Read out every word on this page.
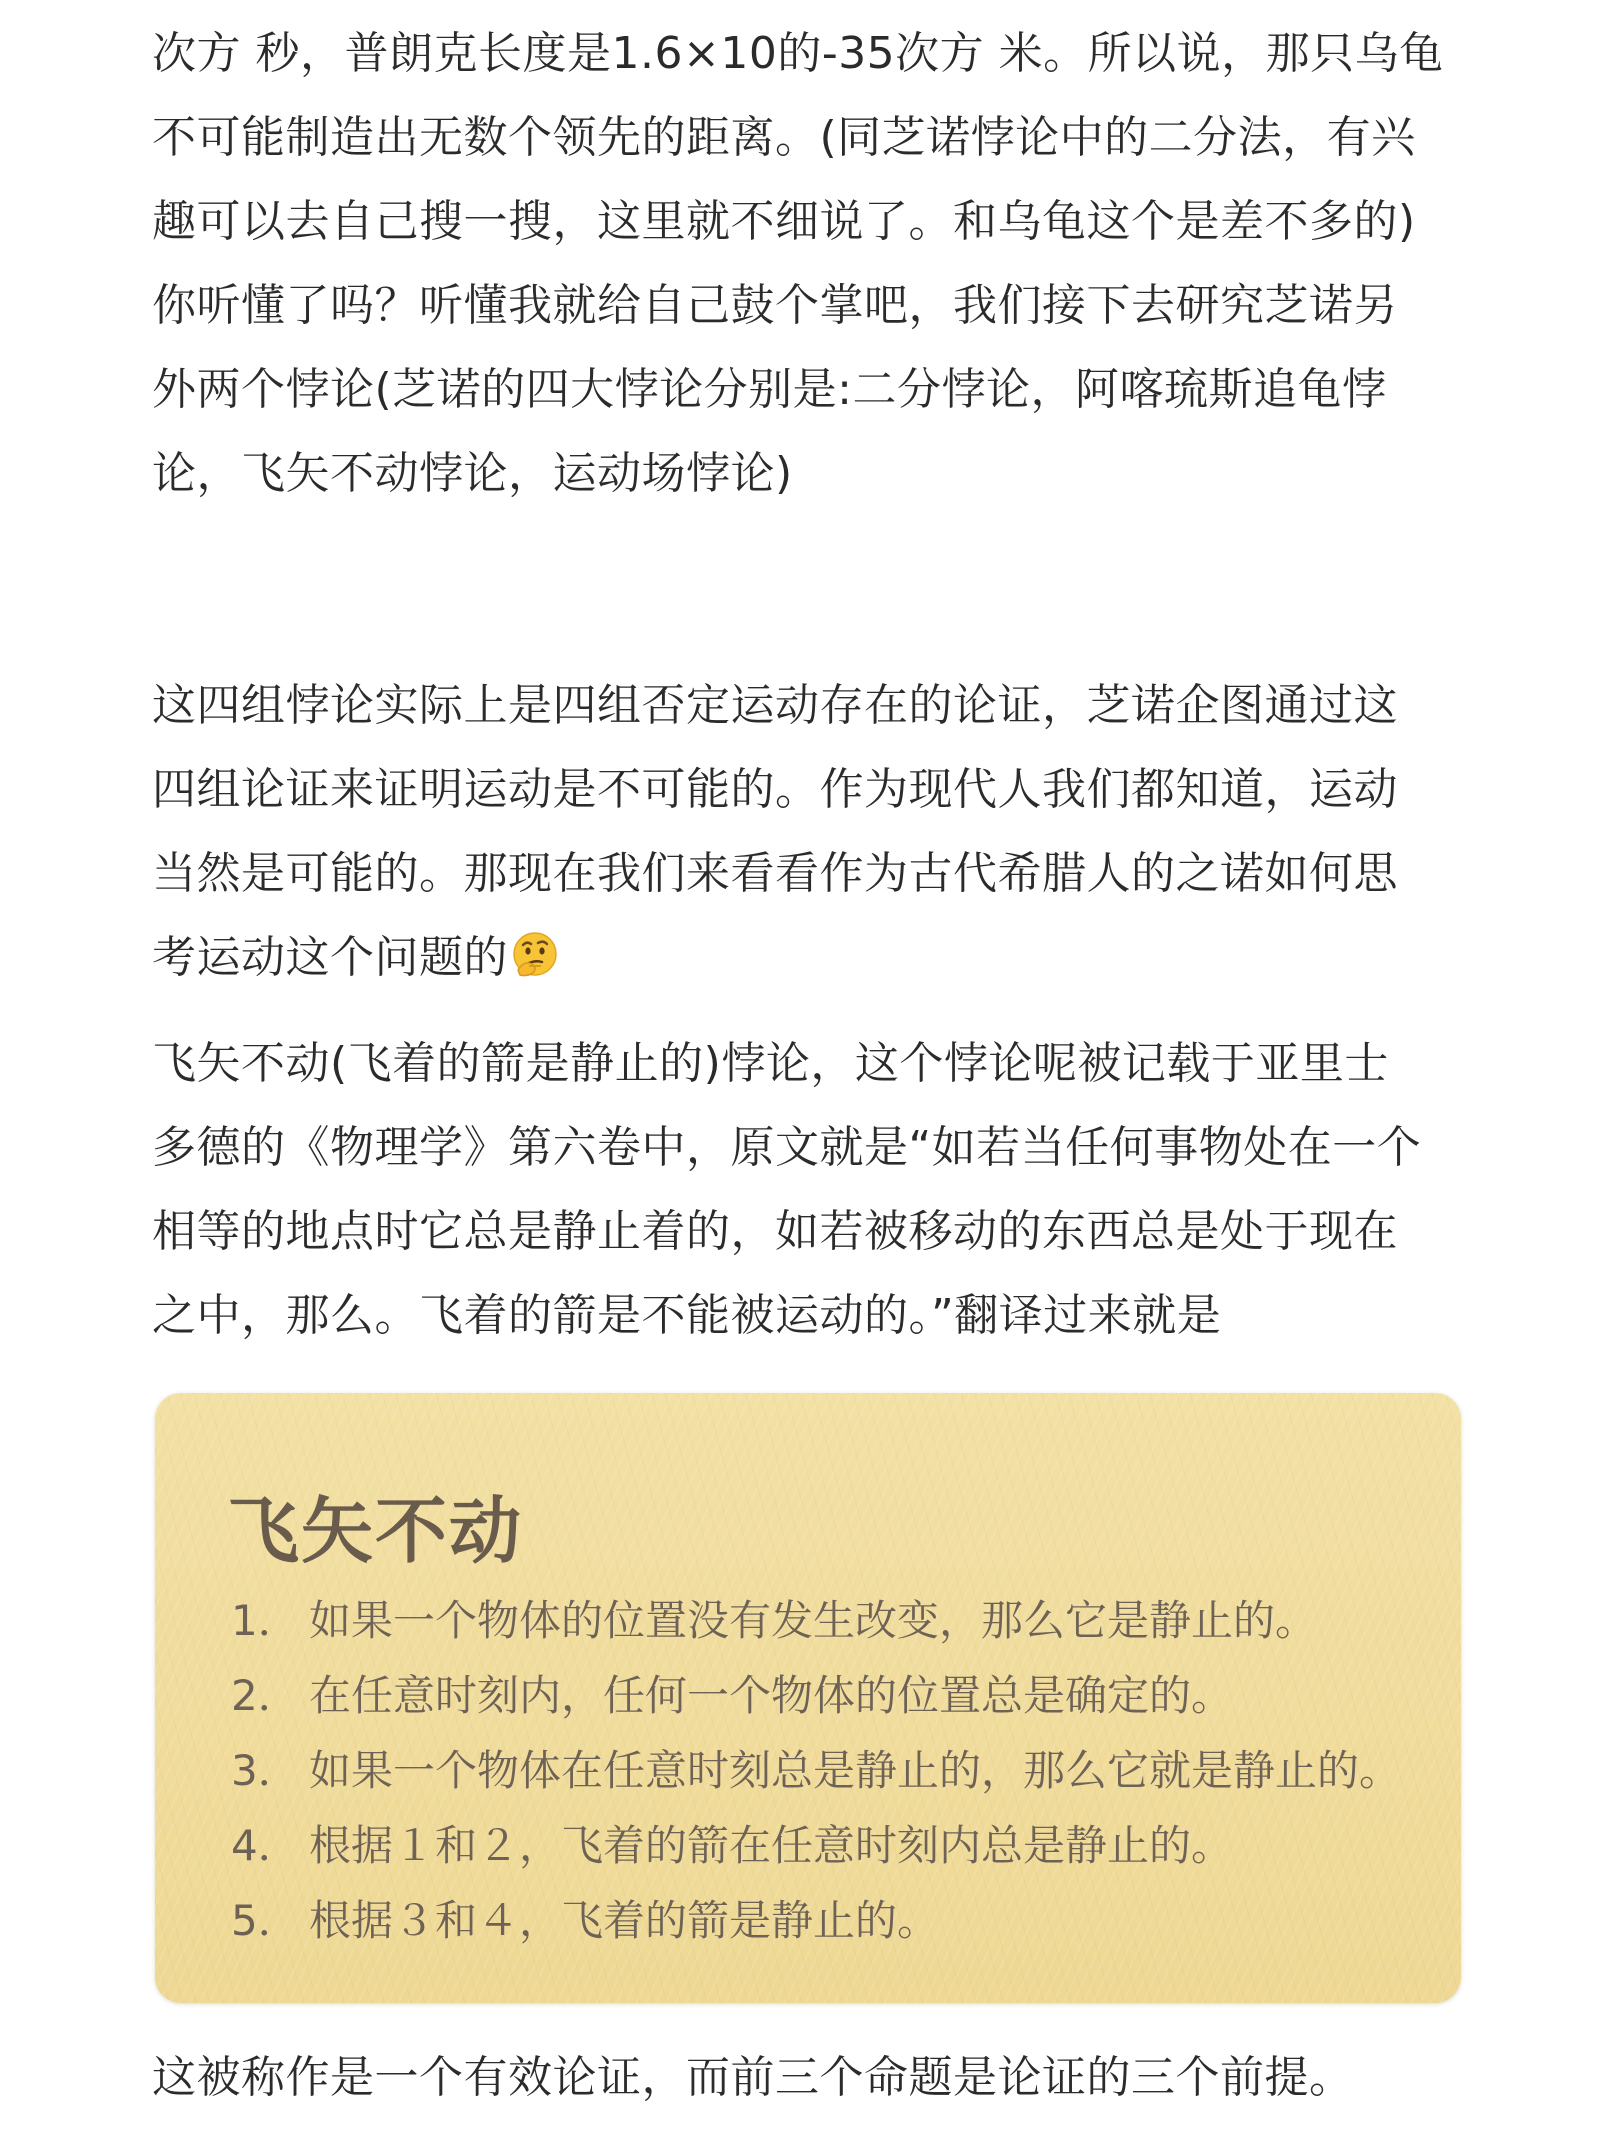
次方 秒，普朗克长度是1.6×10的-35次方 米。所以说，那只乌龟
不可能制造出无数个领先的距离。(同芝诺悖论中的二分法，有兴
趣可以去自己搜一搜，这里就不细说了。和乌龟这个是差不多的)
你听懂了吗？听懂我就给自己鼓个掌吧，我们接下去研究芝诺另
外两个悖论(芝诺的四大悖论分别是:二分悖论，阿喀琉斯追龟悖
论，飞矢不动悖论，运动场悖论)

这四组悖论实际上是四组否定运动存在的论证，芝诺企图通过这
四组论证来证明运动是不可能的。作为现代人我们都知道，运动
当然是可能的。那现在我们来看看作为古代希腊人的之诺如何思
考运动这个问题的

飞矢不动(飞着的箭是静止的)悖论，这个悖论呢被记载于亚里士
多德的《物理学》第六卷中，原文就是“如若当任何事物处在一个
相等的地点时它总是静止着的，如若被移动的东西总是处于现在
之中，那么。飞着的箭是不能被运动的。”翻译过来就是

飞矢不动
1． 如果一个物体的位置没有发生改变，那么它是静止的。
2． 在任意时刻内，任何一个物体的位置总是确定的。
3． 如果一个物体在任意时刻总是静止的，那么它就是静止的。
4． 根据１和２，飞着的箭在任意时刻内总是静止的。
5． 根据３和４，飞着的箭是静止的。

这被称作是一个有效论证，而前三个命题是论证的三个前提。
